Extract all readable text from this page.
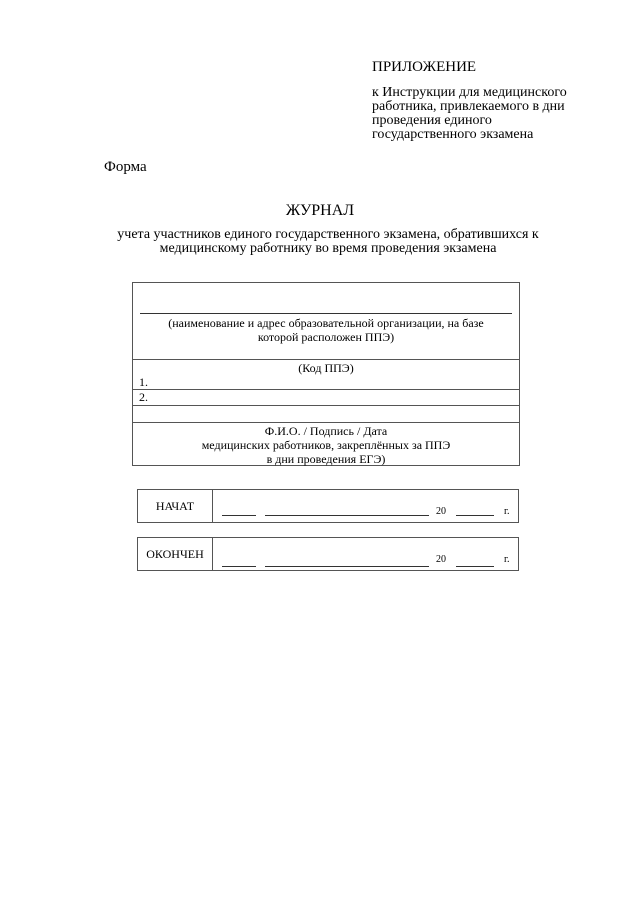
ПРИЛОЖЕНИЕ
к Инструкции для медицинского
работника, привлекаемого в дни
проведения единого
государственного экзамена
Форма
ЖУРНАЛ
учета участников единого государственного экзамена, обратившихся к
медицинскому работнику во время проведения экзамена
(наименование и адрес образовательной организации, на базе
которой расположен ППЭ)
(Код ППЭ)
1.
2.
Ф.И.О. / Подпись / Дата
медицинских работников, закреплённых за ППЭ
в дни проведения ЕГЭ)
НАЧАТ	20	г.
ОКОНЧЕН	20	г.
